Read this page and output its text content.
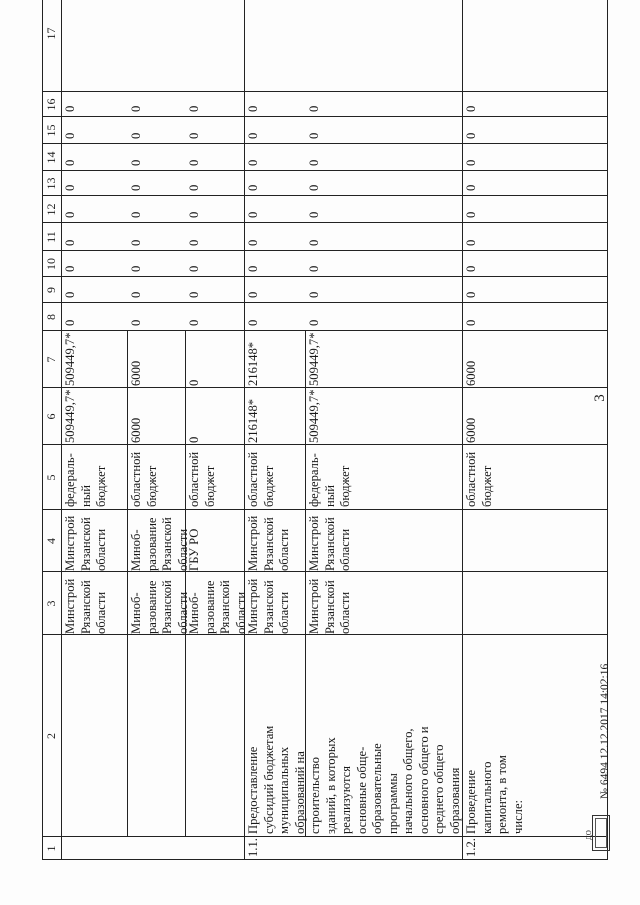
3
1
2
3
4
5
6
7
8
9
10
11
12
13
14
15
16
17
Минстрой
Рязанской
области
Минстрой
Рязанской
области
федераль-
ный
бюджет
509449,7*
509449,7*
Миноб-
разование
Рязанской
области
Миноб-
разование
Рязанской
области
областной
бюджет
6000
6000
Миноб-
разование
Рязанской
области
ГБУ РО
областной
бюджет
0
0
1.1.
Предоставление
субсидий бюджетам
муниципальных
образований на
строительство
зданий, в которых
реализуются
основные обще-
образовательные
программы
начального общего,
основного общего и
среднего общего
образования
Минстрой
Рязанской
области
Минстрой
Рязанской
области
областной
бюджет
216148*
216148*
Минстрой
Рязанской
области
Минстрой
Рязанской
области
федераль-
ный
бюджет
509449,7*
509449,7*
1.2.
Проведение
капитального
ремонта, в том
числе:
областной
бюджет
6000
6000
0
0
0
0
0
0
0
0
0
0
0
0
0
0
0
0
0
0
0
0
0
0
0
0
0
0
0
0
0
0
0
0
0
0
0
0
0
0
0
0
0
0
0
0
0
0
0
0
0
0
0
0
0
0
ДО
№ 6494 12.12.2017 14:02:16
